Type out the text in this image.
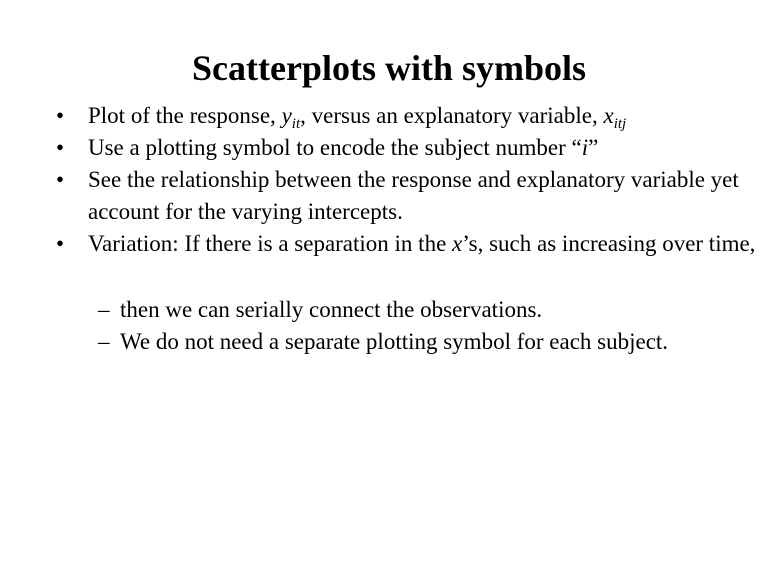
Scatterplots with symbols
•	Plot of the response, $y_{it}$, versus an explanatory variable, $x_{itj}$
•	Use a plotting symbol to encode the subject number “i”
•	See the relationship between the response and explanatory variable yet account for the varying intercepts.
•	Variation: If there is a separation in the x’s, such as increasing over time,
– then we can serially connect the observations.
– We do not need a separate plotting symbol for each subject.
